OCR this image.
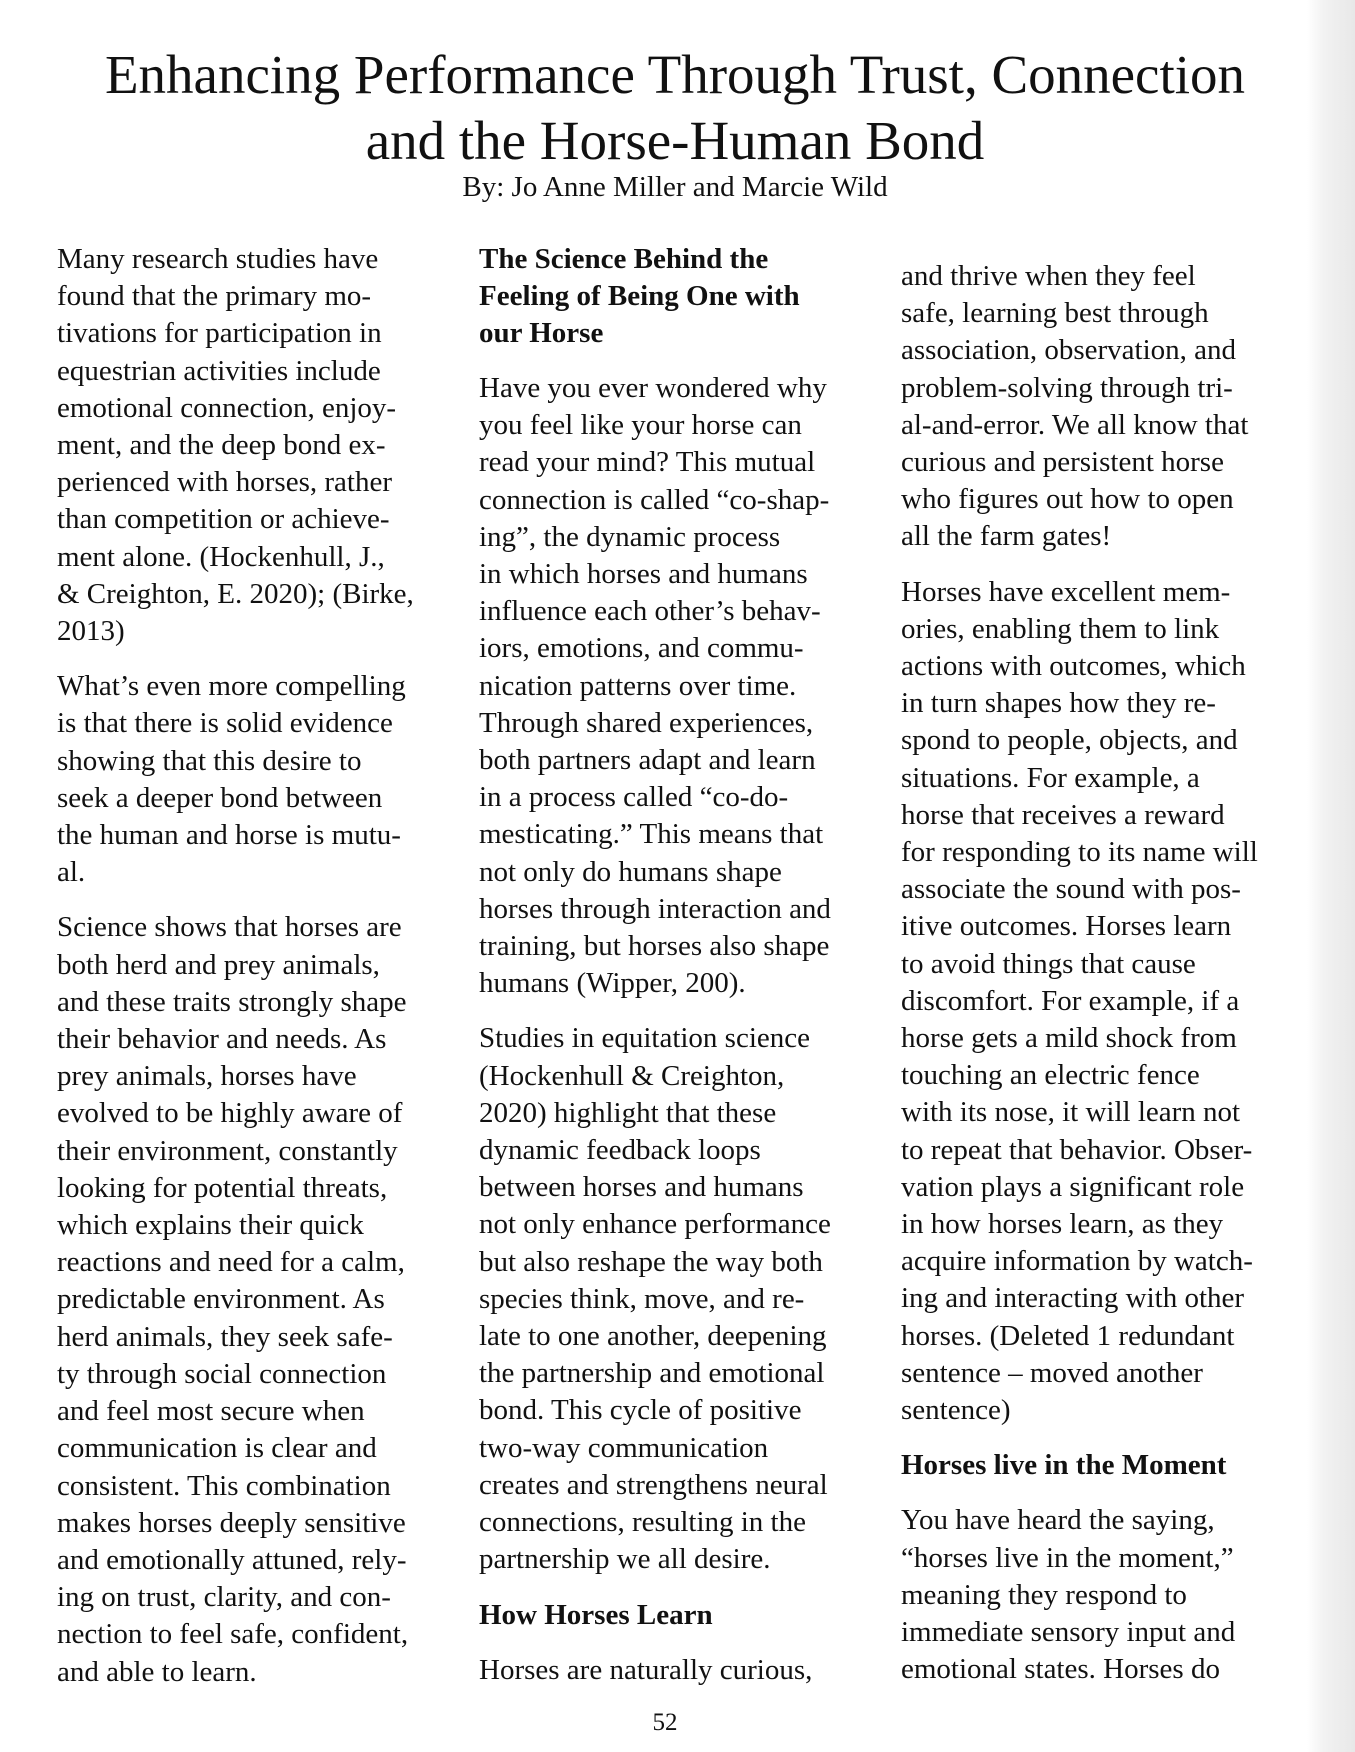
Enhancing Performance Through Trust, Connection
and the Horse-Human Bond
By: Jo Anne Miller and Marcie Wild

Many research studies have
found that the primary mo-
tivations for participation in
equestrian activities include
emotional connection, enjoy-
ment, and the deep bond ex-
perienced with horses, rather
than competition or achieve-
ment alone. (Hockenhull, J.,
& Creighton, E. 2020); (Birke,
2013)

What’s even more compelling
is that there is solid evidence
showing that this desire to
seek a deeper bond between
the human and horse is mutu-
al.

Science shows that horses are
both herd and prey animals,
and these traits strongly shape
their behavior and needs. As
prey animals, horses have
evolved to be highly aware of
their environment, constantly
looking for potential threats,
which explains their quick
reactions and need for a calm,
predictable environment. As
herd animals, they seek safe-
ty through social connection
and feel most secure when
communication is clear and
consistent. This combination
makes horses deeply sensitive
and emotionally attuned, rely-
ing on trust, clarity, and con-
nection to feel safe, confident,
and able to learn.

The Science Behind the
Feeling of Being One with
our Horse

Have you ever wondered why
you feel like your horse can
read your mind? This mutual
connection is called “co-shap-
ing”, the dynamic process
in which horses and humans
influence each other’s behav-
iors, emotions, and commu-
nication patterns over time.
Through shared experiences,
both partners adapt and learn
in a process called “co-do-
mesticating.” This means that
not only do humans shape
horses through interaction and
training, but horses also shape
humans (Wipper, 200).

Studies in equitation science
(Hockenhull & Creighton,
2020) highlight that these
dynamic feedback loops
between horses and humans
not only enhance performance
but also reshape the way both
species think, move, and re-
late to one another, deepening
the partnership and emotional
bond. This cycle of positive
two-way communication
creates and strengthens neural
connections, resulting in the
partnership we all desire.

How Horses Learn

Horses are naturally curious,

and thrive when they feel
safe, learning best through
association, observation, and
problem-solving through tri-
al-and-error. We all know that
curious and persistent horse
who figures out how to open
all the farm gates!

Horses have excellent mem-
ories, enabling them to link
actions with outcomes, which
in turn shapes how they re-
spond to people, objects, and
situations. For example, a
horse that receives a reward
for responding to its name will
associate the sound with pos-
itive outcomes. Horses learn
to avoid things that cause
discomfort. For example, if a
horse gets a mild shock from
touching an electric fence
with its nose, it will learn not
to repeat that behavior. Obser-
vation plays a significant role
in how horses learn, as they
acquire information by watch-
ing and interacting with other
horses. (Deleted 1 redundant
sentence – moved another
sentence)

Horses live in the Moment

You have heard the saying,
“horses live in the moment,”
meaning they respond to
immediate sensory input and
emotional states. Horses do

52
